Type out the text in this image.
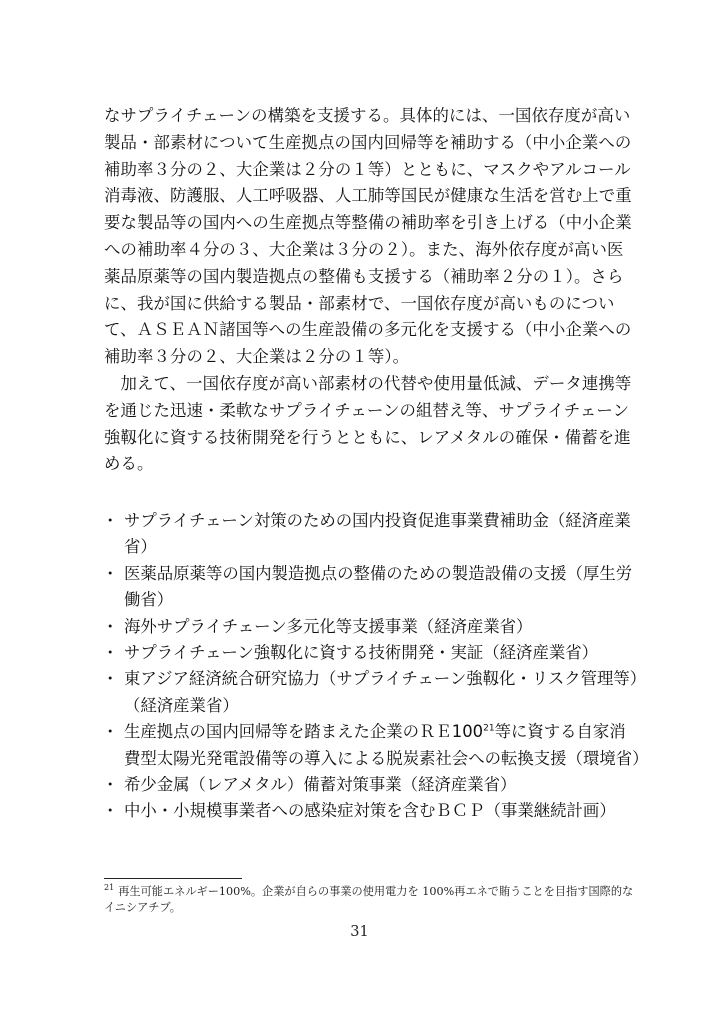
なサプライチェーンの構築を支援する。具体的には、一国依存度が高い製品・部素材について生産拠点の国内回帰等を補助する（中小企業への補助率３分の２、大企業は２分の１等）とともに、マスクやアルコール消毒液、防護服、人工呼吸器、人工肺等国民が健康な生活を営む上で重要な製品等の国内への生産拠点等整備の補助率を引き上げる（中小企業への補助率４分の３、大企業は３分の２）。また、海外依存度が高い医薬品原薬等の国内製造拠点の整備も支援する（補助率２分の１）。さらに、我が国に供給する製品・部素材で、一国依存度が高いものについて、ＡＳＥＡＮ諸国等への生産設備の多元化を支援する（中小企業への補助率３分の２、大企業は２分の１等）。

　加えて、一国依存度が高い部素材の代替や使用量低減、データ連携等を通じた迅速・柔軟なサプライチェーンの組替え等、サプライチェーン強靱化に資する技術開発を行うとともに、レアメタルの確保・備蓄を進める。

・ サプライチェーン対策のための国内投資促進事業費補助金（経済産業省）
・ 医薬品原薬等の国内製造拠点の整備のための製造設備の支援（厚生労働省）
・ 海外サプライチェーン多元化等支援事業（経済産業省）
・ サプライチェーン強靱化に資する技術開発・実証（経済産業省）
・ 東アジア経済統合研究協力（サプライチェーン強靱化・リスク管理等）（経済産業省）
・ 生産拠点の国内回帰等を踏まえた企業の$RE100^{21}$等に資する自家消費型太陽光発電設備等の導入による脱炭素社会への転換支援（環境省）
・ 希少金属（レアメタル）備蓄対策事業（経済産業省）
・ 中小・小規模事業者への感染症対策を含むＢＣＰ（事業継続計画）
$^{21}$ 再生可能エネルギー100%。企業が自らの事業の使用電力を 100%再エネで賄うことを目指す国際的なイニシアチブ。
31
